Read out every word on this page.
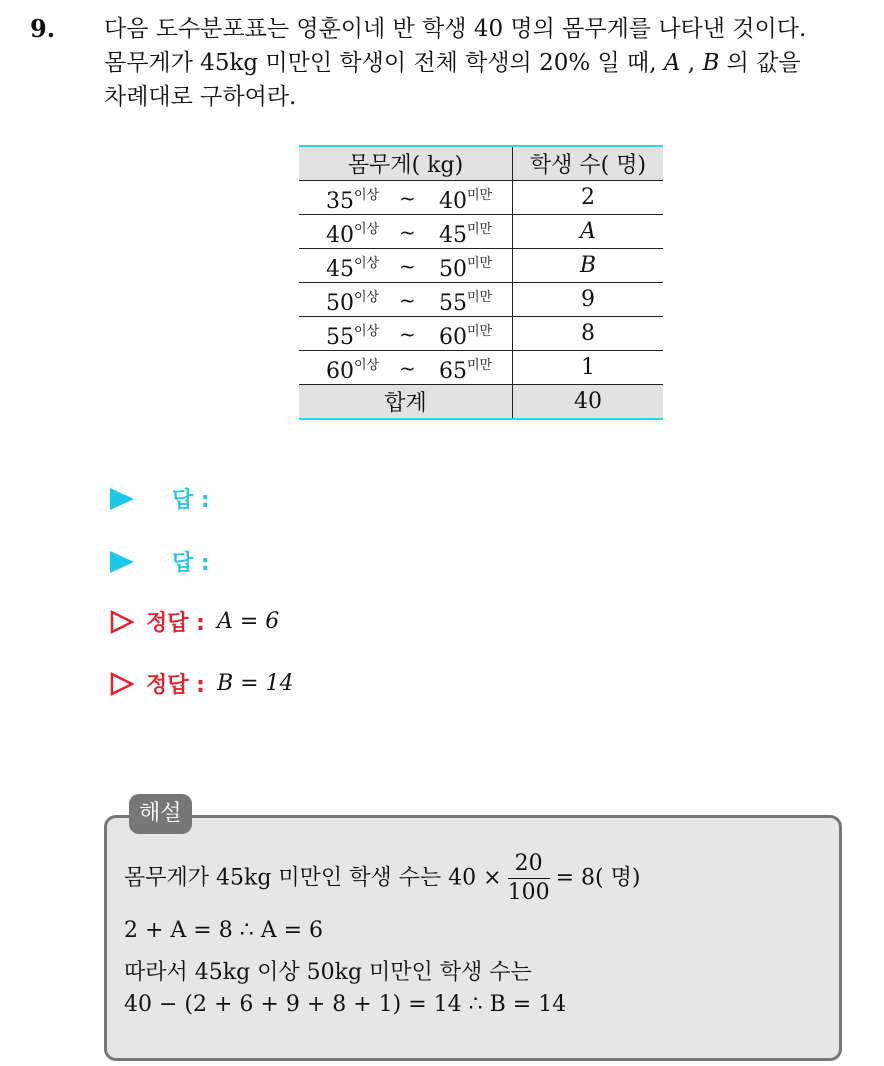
9. 다음 도수분포표는 영훈이네 반 학생 40 명의 몸무게를 나타낸 것이다.

몸무게가 45kg 미만인 학생이 전체 학생의 20% 일 때, A , B 의 값을

차례대로 구하여라.

몸무게( kg)	학생 수( 명)

$35^{이상}$ ~ $40^{미만}$	2

$40^{이상}$ ~ $45^{미만}$	A

$45^{이상}$ ~ $50^{미만}$	B

$50^{이상}$ ~ $55^{미만}$	9

$55^{이상}$ ~ $60^{미만}$	8

$60^{이상}$ ~ $65^{미만}$	1
합계	40
답 :
답 :
정답 : A = 6
정답 : B = 14
해설
몸무게가 45kg 미만인 학생 수는 $40 \times \frac{20}{100} = 8$( 명)
2 + A = 8 ∴ A = 6
따라서 45kg 이상 50kg 미만인 학생 수는
40 − (2 + 6 + 9 + 8 + 1) = 14 ∴ B = 14
